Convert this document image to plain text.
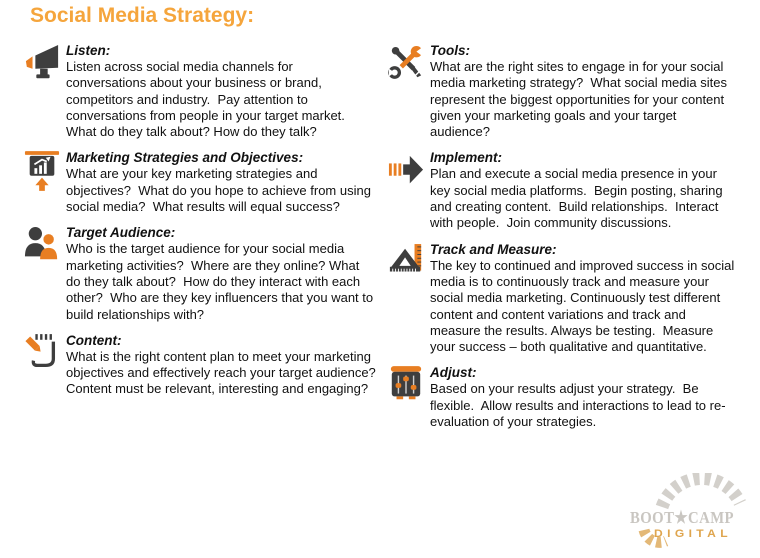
Social Media Strategy:
Listen:
Listen across social media channels for conversations about your business or brand, competitors and industry.  Pay attention to conversations from people in your target market. What do they talk about? How do they talk?
Marketing Strategies and Objectives:
What are your key marketing strategies and objectives?  What do you hope to achieve from using social media?  What results will equal success?
Target Audience:
Who is the target audience for your social media marketing activities?  Where are they online? What do they talk about?  How do they interact with each other?  Who are they key influencers that you want to build relationships with?
Content:
What is the right content plan to meet your marketing objectives and effectively reach your target audience?  Content must be relevant, interesting and engaging?
Tools:
What are the right sites to engage in for your social media marketing strategy?  What social media sites represent the biggest opportunities for your content given your marketing goals and your target audience?
Implement:
Plan and execute a social media presence in your key social media platforms.  Begin posting, sharing and creating content.  Build relationships.  Interact with people.  Join community discussions.
Track and Measure:
The key to continued and improved success in social media is to continuously track and measure your social media marketing. Continuously test different content and content variations and track and measure the results. Always be testing.  Measure your success – both qualitative and quantitative.
Adjust:
Based on your results adjust your strategy.  Be flexible.  Allow results and interactions to lead to re-evaluation of your strategies.
BOOT★CAMP
DIGITAL
